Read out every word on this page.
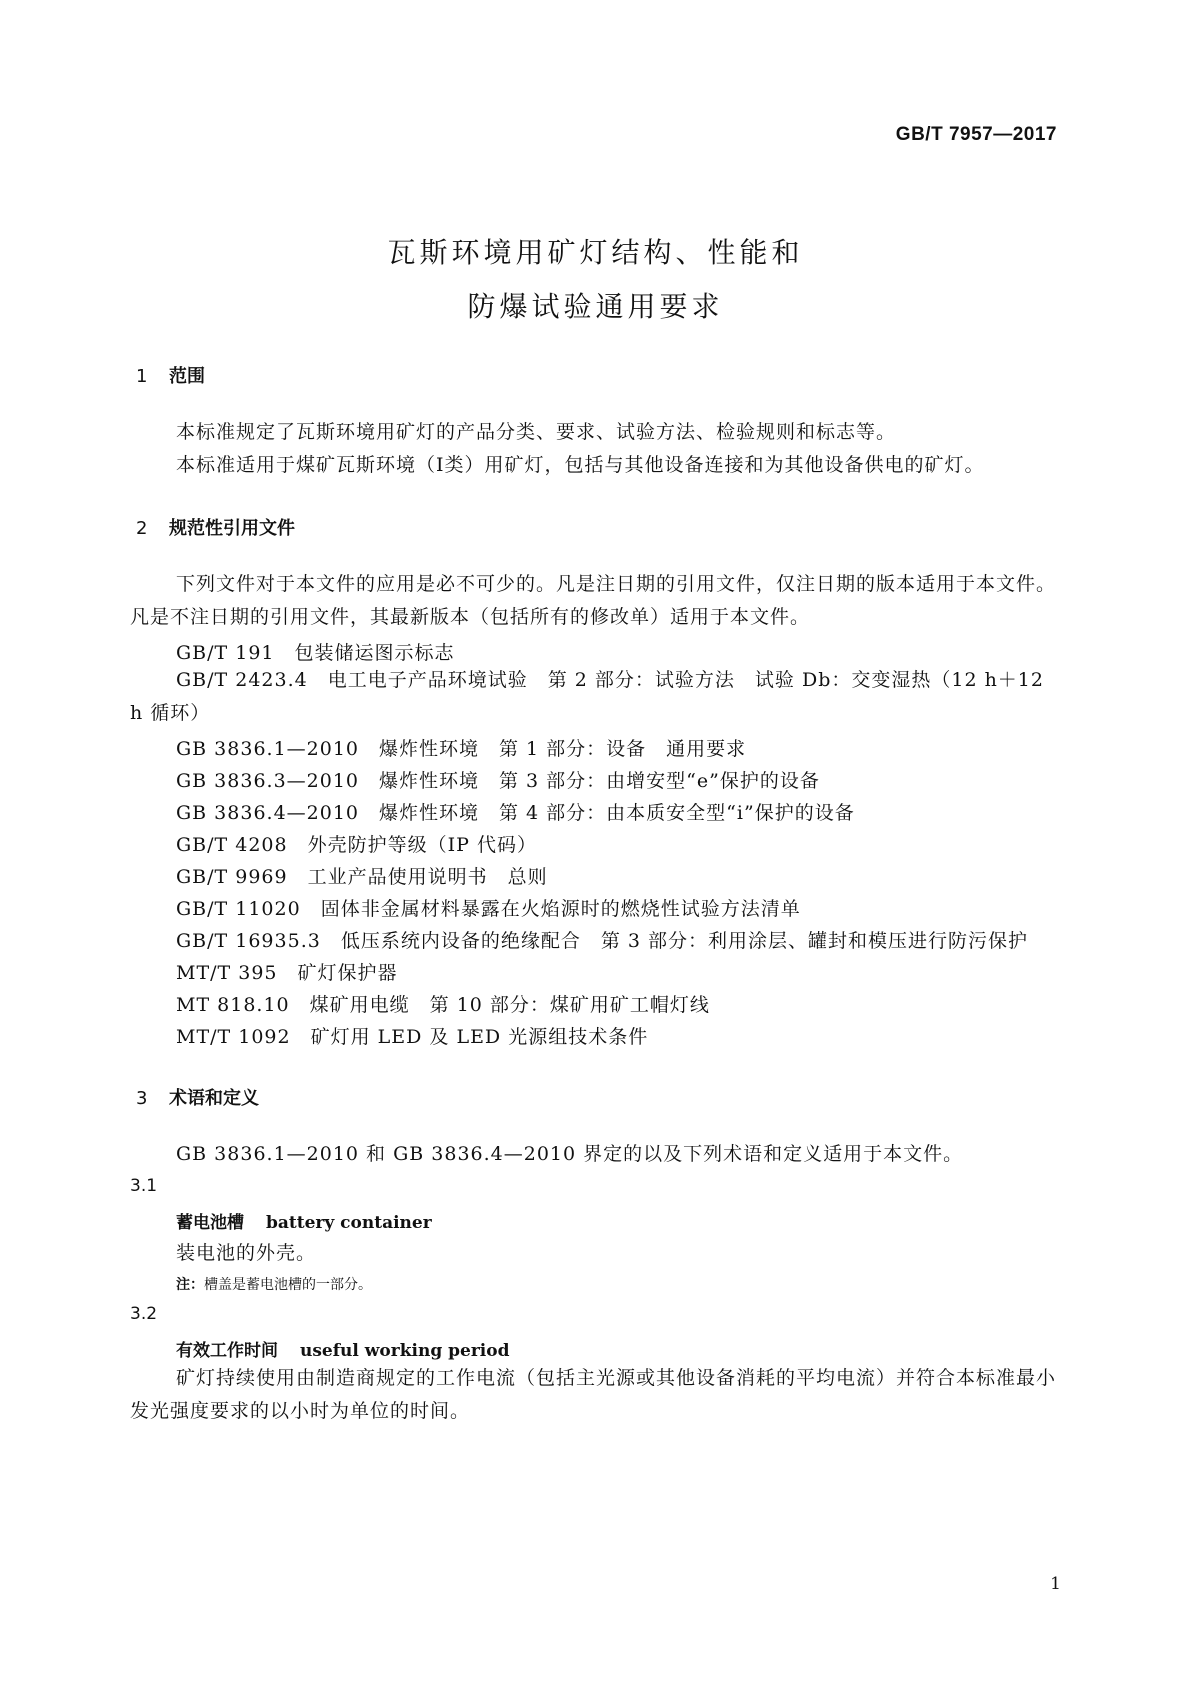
GB/T 7957—2017
瓦斯环境用矿灯结构、性能和
防爆试验通用要求
1 范围
本标准规定了瓦斯环境用矿灯的产品分类、要求、试验方法、检验规则和标志等。
本标准适用于煤矿瓦斯环境（Ⅰ类）用矿灯，包括与其他设备连接和为其他设备供电的矿灯。
2 规范性引用文件
下列文件对于本文件的应用是必不可少的。凡是注日期的引用文件，仅注日期的版本适用于本文件。凡是不注日期的引用文件，其最新版本（包括所有的修改单）适用于本文件。
GB/T 191 包装储运图示标志
GB/T 2423.4 电工电子产品环境试验　第 2 部分：试验方法　试验 Db：交变湿热（12 h＋12 h 循环）
GB 3836.1—2010 爆炸性环境　第 1 部分：设备　通用要求
GB 3836.3—2010 爆炸性环境　第 3 部分：由增安型“e”保护的设备
GB 3836.4—2010 爆炸性环境　第 4 部分：由本质安全型“i”保护的设备
GB/T 4208 外壳防护等级（IP 代码）
GB/T 9969 工业产品使用说明书　总则
GB/T 11020 固体非金属材料暴露在火焰源时的燃烧性试验方法清单
GB/T 16935.3 低压系统内设备的绝缘配合　第 3 部分：利用涂层、罐封和模压进行防污保护
MT/T 395 矿灯保护器
MT 818.10 煤矿用电缆　第 10 部分：煤矿用矿工帽灯线
MT/T 1092 矿灯用 LED 及 LED 光源组技术条件
3 术语和定义
GB 3836.1—2010 和 GB 3836.4—2010 界定的以及下列术语和定义适用于本文件。
3.1
蓄电池槽 battery container
装电池的外壳。
注：槽盖是蓄电池槽的一部分。
3.2
有效工作时间 useful working period
矿灯持续使用由制造商规定的工作电流（包括主光源或其他设备消耗的平均电流）并符合本标准最小发光强度要求的以小时为单位的时间。
1
